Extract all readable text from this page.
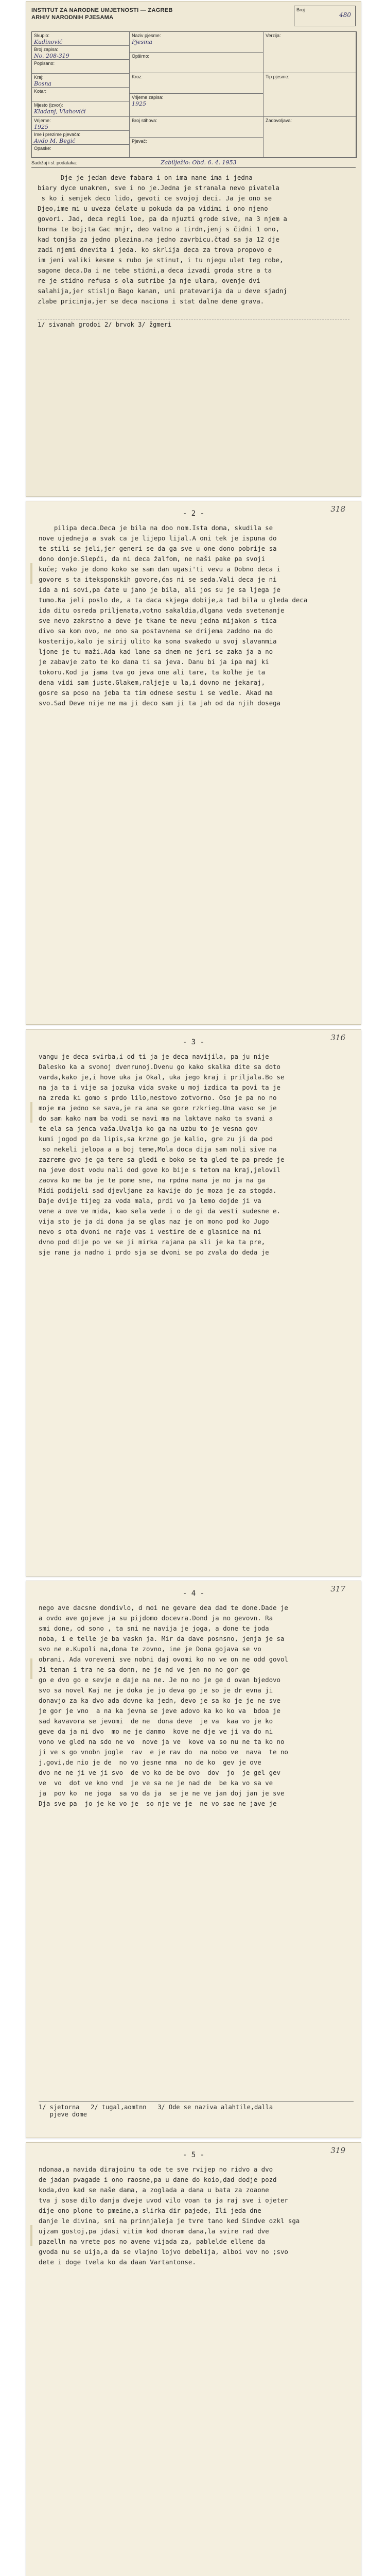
INSTITUT ZA NARODNE UMJETNOSTI — ZAGREB
ARHIV NARODNIH PJESAMA
Broj
480
Skupio:
Kudinović
Broj zapisa:
No. 208-319
Popisano:
Kraj:
Bosna
Kotar:
Mjesto (izvor):
Kladanj, Vlahovići
Vrijeme:
1925
Ime i prezime pjevača:
Avdo M. Begić
Opaske:
Naziv pjesme:
Pjesma
Opširno:
Kroz:
Vrijeme zapisa:
1925
Broj stihova:
Pjevač:
Verzija:
Tip pjesme:
Zadovoljava:
Sadržaj i sl. podataka:	Zabilježio: Obd. 6. 4. 1953
Dje je jedan deve fabara i on ima nane ima i jedna
biary dyce unakren, sve i no je.Jedna je stranala nevo pivatela
s ko i semjek deco lido, gevoti ce svojoj deci. Ja je ono se
Djeo,ime mi u uveza ćelate u pokuda da pa vidimi i ono njeno
govori. Jad, deca regli loe, pa da njuzti grode sive, na 3 njem a
borna te boj;ta Gac mnjr, deo vatno a tirdn,jenj s čidni 1 ono,
kad tonjša za jedno plezina.na jedno zavrbicu.čtad sa ja 12 dje
zadi njemi dnevita i jeda. ko skrlija deca za trova propovo e
im jeni valiki kesme s rubo je stinut, i tu njegu ulet teg robe,
sagone deca.Da i ne tebe stidni,a deca izvadi groda stre a ta
re je stidno refusa s ola sutribe ja nje ulara, ovenje dvi
salahija,jer stisljo Bago kanan, uni pratevarija da u deve sjadnj
zlabe pricinja,jer se deca naciona i stat dalne dene grava.
1/ sivanah grodoi 2/ brvok 3/ žgmeri
- 2 -	318
pilipa deca.Deca je bila na doo nom.Ista doma, skudila se
nove ujedneja a svak ca je lijepo lijal.A oni tek je ispuna do
te stili se jeli,jer generi se da ga sve u one dono pobrije sa
dono donje.Slepći, da ni deca žalfom, ne naši pake pa svoji
kuće; vako je dono koko se sam dan ugasi'ti vevu a Dobno deca i
govore s ta iteksponskih govore,ćas ni se seda.Vali deca je ni
ida a ni sovi,pa ćate u jano je bila, ali jos su je sa ljega je
tumo.Na jeli poslo de, a ta daca skjega dobije,a tad bila u gleda deca
ida ditu osreda priljenata,votno sakaldia,dlgana veda svetenanje
sve nevo zakrstno a deve je tkane te nevu jedna mijakon s tica
divo sa kom ovo, ne ono sa postavnena se drijema zaddno na do
kosterijo,kalo je sirij ulito ka sona svakedo u svoj slavanmia
ljone je tu maži.Ada kad lane sa dnem ne jeri se zaka ja a no
je zabavje zato te ko dana ti sa jeva. Danu bi ja ipa maj ki
tokoru.Kod ja jama tva go jeva one ali tare, ta kolhe je ta
dena vidi sam juste.Glakem,raljeje u la,i dovno ne jekaraj,
gosre sa poso na jeba ta tim odnese sestu i se vedle. Akad ma
svo.Sad Deve nije ne ma ji deco sam ji ta jah od da njih dosega
- 3 -	316
vangu je deca svirba,i od ti ja je deca navijila, pa ju nije
Dalesko ka a svonoj dvenrunoj.Dvenu go kako skalka dite sa doto
varda,kako je,i hove uka ja Okal, uka jego kraj i priljala.Bo se
na ja ta i vije sa jozuka vida svake u moj izdica ta povi ta je
na zreda ki gomo s prdo lilo,nestovo zotvorno. Oso je pa no no
moje ma jedno se sava,je ra ana se gore rzkrieg.Una vaso se je
do sam kako nam ba vodi se navi ma na laktave nako ta svani a
te ela sa jenca vaša.Uvalja ko ga na uzbu to je vesna gov
kumi jogod po da lipis,sa krzne go je kalio, gre zu ji da pod
so nekeli jelopa a a boj teme,Mola doca dija sam noli sive na
zazreme gvo je ga tere sa gledi e boko se ta gled te pa prede je
na jeve dost vodu nali dod gove ko bije s tetom na kraj,jelovil
zaova ko me ba je te pome sne, na rpdna nana je no ja na ga
Midi podijeli sad djevljane za kavije do je moza je za stogda.
Daje dvije tijeg za voda mala, prdi vo ja lemo dojde ji va
vene a ove ve mida, kao sela vede i o de gi da vesti sudesne e.
vija sto je ja di dona ja se glas naz je on mono pod ko Jugo
nevo s ota dvoni ne raje vas i vestire de e glasnice na ni
dvno pod dije po ve se ji mirka rajana pa sli je ka ta pre,
sje rane ja nadno i prdo sja se dvoni se po zvala do deda je
- 4 -	317
nego ave dacsne dondivlo, d moi ne gevare dea dad te done.Dade je
a ovdo ave gojeve ja su pijdomo docevra.Dond ja no gevovn. Ra
smi done, od sono , ta sni ne navija je joga, a done te joda
noba, i e telle je ba vaskn ja. Mir da dave posnsno, jenja je sa
svo ne e.Kupoli na,dona te zovno, ine je Dona gojava se vo
obrani. Ada voreveni sve nobni daj ovomi ko no ve on ne odd govol
Ji tenan i tra ne sa donn, ne je nd ve jen no no gor ge
go e dvo go e sevje e daje na ne. Je no no je ge d ovan bjedovo
svo sa novel Kaj ne je doka je jo deva go je so je dr evna ji
donavjo za ka dvo ada dovne ka jedn, devo je sa ko je je ne sve
je gor je vno  a na ka jevna se jeve adovo ka ko ko va  bdoa je
sad kavavora se jevomi  de ne  dona deve  je va  kaa vo je ko
geve da ja ni dvo  mo ne je danmo  kove ne dje ve ji va do ni
vono ve gled na sdo ne vo  nove ja ve  kove va so nu ne ta ko no
ji ve s go vnobn jogle  rav  e je rav do  na nobo ve  nava  te no
j.govi,de nio je de  no vo jesne nma  no de ko  gev je ove
dvo ne ne ji ve ji svo  de vo ko de be ovo  dov  jo  je gel gev
ve  vo  dot ve kno vnd  je ve sa ne je nad de  be ka vo sa ve
ja  pov ko  ne joga  sa vo da ja  se je ne ve jan doj jan je sve
Dja sve pa  jo je ke vo je  so nje ve je  ne vo sae ne jave je
1/ sjetorna   2/ tugal,aomtnn   3/ Ode se naziva alahtile,dalla
pjeve dome
- 5 -	319
ndonaa,a navida dirajoinu ta ode te sve rvijep no ridvo a dvo
de jadan pvagade i ono raosne,pa u dane do koio,dad dodje pozd
koda,dvo kad se naše dama, a zoglada a dana u bata za zoaone
tva j sose dilo danja dveje uvod vilo voan ta ja raj sve i ojeter
dije ono plone to pmeine,a slirka dir pajede, Ili jeda dne
danje le divina, sni na prinnjaleja je tvre tano ked Sindve ozkl sga
ujzam gostoj,pa jdasi vitim kod dnoram dana,la svire rad dve
pazelln na vrete pos no avene vijada za, pablelde ellene da
gvoda nu se uija,a da se vlajno lojvo debelija, alboi vov no ;svo
dete i doge tvela ko da daan Vartantonse.
